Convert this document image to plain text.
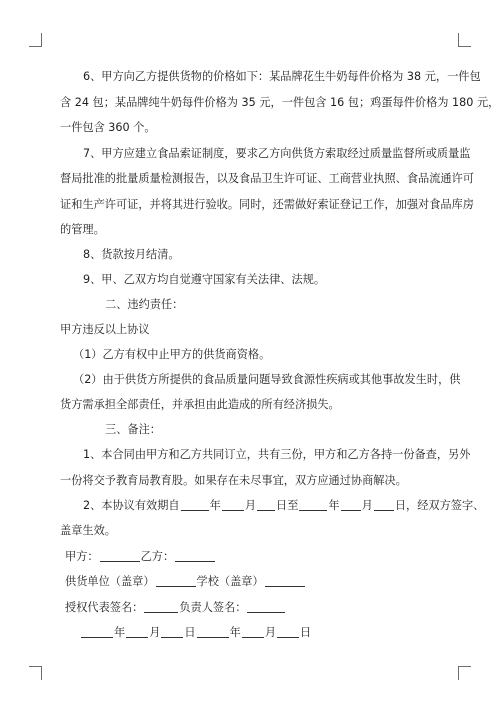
6、甲方向乙方提供货物的价格如下：某品牌花生牛奶每件价格为 38 元，一件包
含 24 包；某品牌纯牛奶每件价格为 35 元，一件包含 16 包；鸡蛋每件价格为 180 元，
一件包含 360 个。
7、甲方应建立食品索证制度，要求乙方向供货方索取经过质量监督所或质量监
督局批准的批量质量检测报告，以及食品卫生许可证、工商营业执照、食品流通许可
证和生产许可证，并将其进行验收。同时，还需做好索证登记工作，加强对食品库房
的管理。
8、货款按月结清。
9、甲、乙双方均自觉遵守国家有关法律、法规。
二、违约责任：
甲方违反以上协议
（1）乙方有权中止甲方的供货商资格。
（2）由于供货方所提供的食品质量问题导致食源性疾病或其他事故发生时，供
货方需承担全部责任，并承担由此造成的所有经济损失。
三、备注：
1、本合同由甲方和乙方共同订立，共有三份，甲方和乙方各持一份备查，另外
一份将交予教育局教育股。如果存在未尽事宜，双方应通过协商解决。
2、本协议有效期自	年 月 日至	年 月 日，经双方签字、
盖章生效。
甲方：	乙方：
供货单位（盖章）	学校（盖章）
授权代表签名：	负责人签名：
年 月 日	年 月 日
